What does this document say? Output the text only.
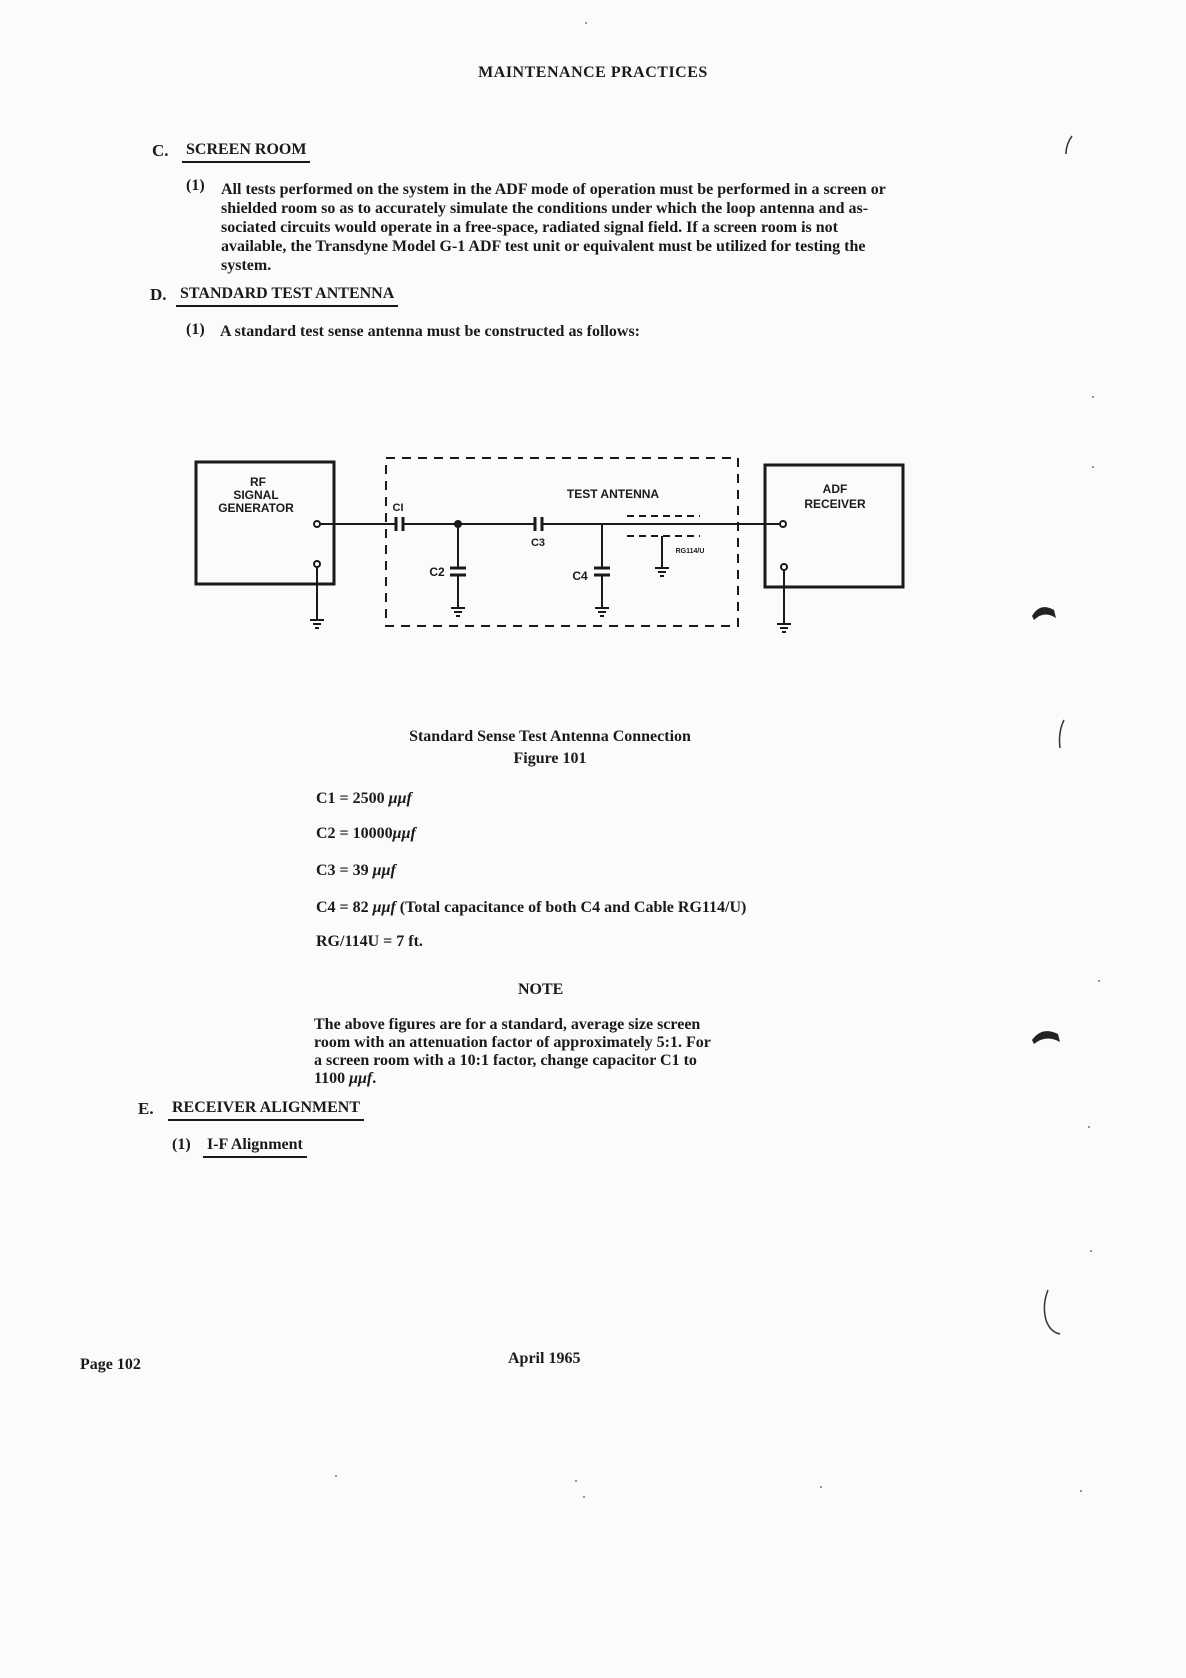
MAINTENANCE PRACTICES
C. SCREEN ROOM
(1) All tests performed on the system in the ADF mode of operation must be performed in a screen or
shielded room so as to accurately simulate the conditions under which the loop antenna and as-
sociated circuits would operate in a free-space, radiated signal field. If a screen room is not
available, the Transdyne Model G-1 ADF test unit or equivalent must be utilized for testing the
system.
D. STANDARD TEST ANTENNA
(1) A standard test sense antenna must be constructed as follows:
RF
SIGNAL
GENERATOR
ADF
RECEIVER
TEST ANTENNA
CI
C3
C2	C4
RG114/U
Standard Sense Test Antenna Connection
Figure 101
C1 = 2500 μμf
C2 = 10000μμf
C3 = 39 μμf
C4 = 82 μμf (Total capacitance of both C4 and Cable RG114/U)
RG/114U = 7 ft.
NOTE
The above figures are for a standard, average size screen
room with an attenuation factor of approximately 5:1. For
a screen room with a 10:1 factor, change capacitor C1 to
1100 μμf.
E. RECEIVER ALIGNMENT
(1) I-F Alignment
Page 102	April 1965
